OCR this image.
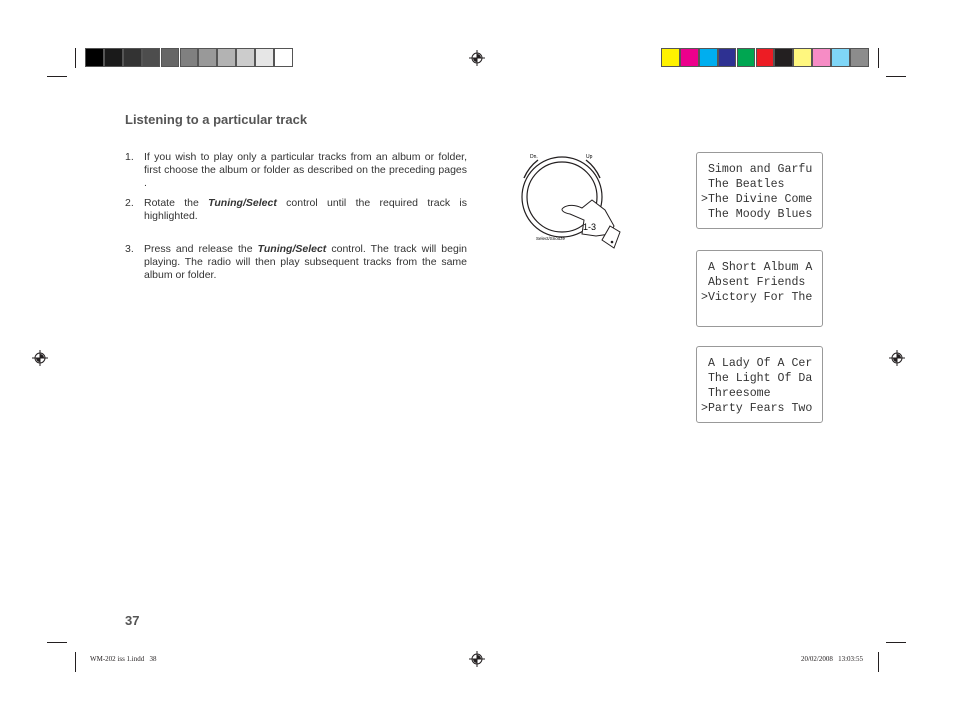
Listening to a particular track
1. If you wish to play only a particular tracks from an album or folder, first choose the album or folder as described on the preceding pages .
2. Rotate the Tuning/Select control until the required track is highlighted.
3. Press and release the Tuning/Select control. The track will begin playing. The radio will then play subsequent tracks from the same album or folder.
Dn.	Up
Select/Snooze
1-3
Simon and Garfu
The Beatles
>The Divine Come
The Moody Blues
A Short Album A
Absent Friends
>Victory For The
A Lady Of A Cer
The Light Of Da
Threesome
>Party Fears Two
37
WM-202 iss 1.indd   38	20/02/2008   13:03:55
